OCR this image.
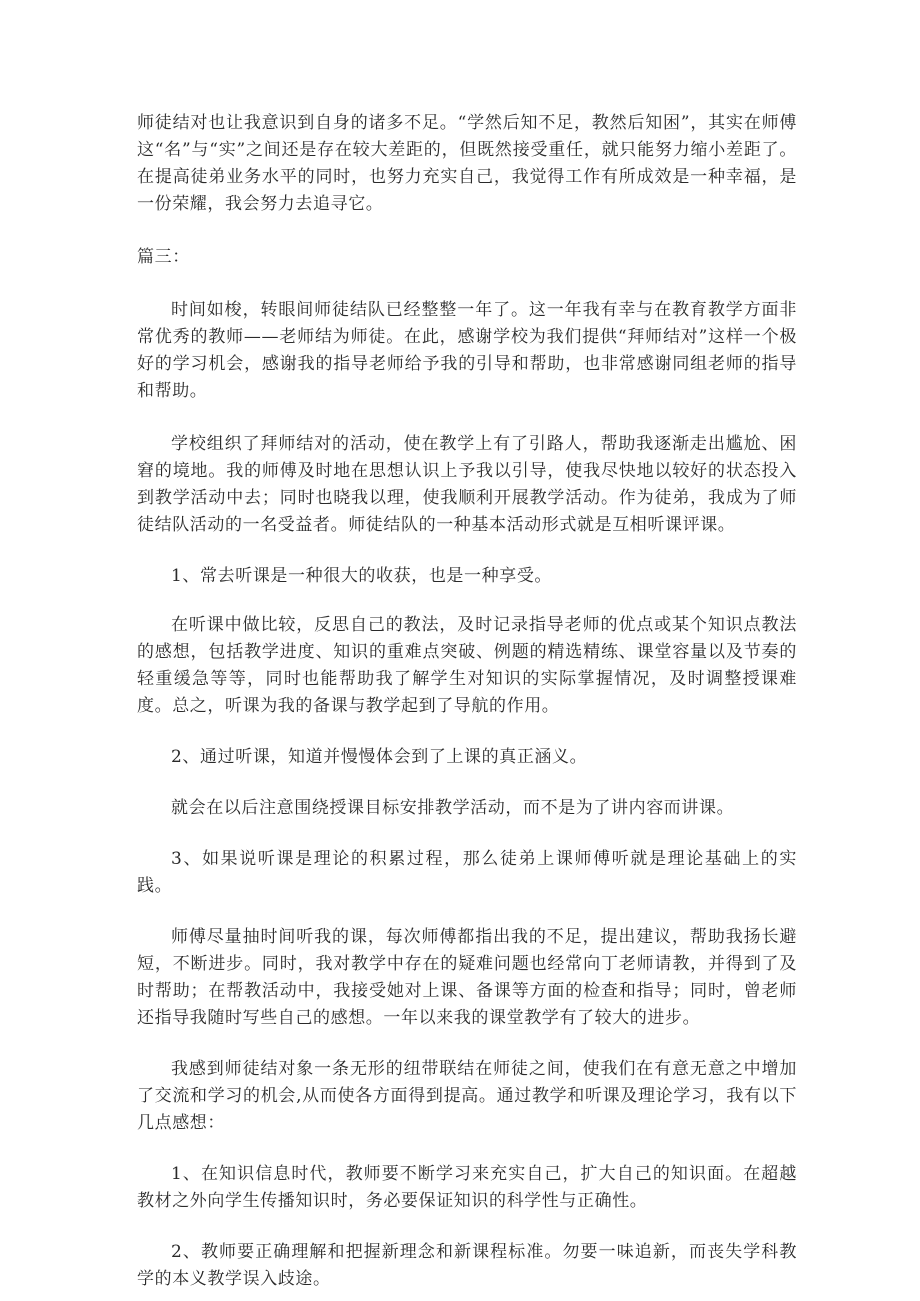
师徒结对也让我意识到自身的诸多不足。“学然后知不足，教然后知困”，其实在师傅这“名”与“实”之间还是存在较大差距的，但既然接受重任，就只能努力缩小差距了。在提高徒弟业务水平的同时，也努力充实自己，我觉得工作有所成效是一种幸福，是一份荣耀，我会努力去追寻它。

篇三：

时间如梭，转眼间师徒结队已经整整一年了。这一年我有幸与在教育教学方面非常优秀的教师——老师结为师徒。在此，感谢学校为我们提供“拜师结对”这样一个极好的学习机会，感谢我的指导老师给予我的引导和帮助，也非常感谢同组老师的指导和帮助。

学校组织了拜师结对的活动，使在教学上有了引路人，帮助我逐渐走出尴尬、困窘的境地。我的师傅及时地在思想认识上予我以引导，使我尽快地以较好的状态投入到教学活动中去；同时也晓我以理，使我顺利开展教学活动。作为徒弟，我成为了师徒结队活动的一名受益者。师徒结队的一种基本活动形式就是互相听课评课。

1、常去听课是一种很大的收获，也是一种享受。

在听课中做比较，反思自己的教法，及时记录指导老师的优点或某个知识点教法的感想，包括教学进度、知识的重难点突破、例题的精选精练、课堂容量以及节奏的轻重缓急等等，同时也能帮助我了解学生对知识的实际掌握情况，及时调整授课难度。总之，听课为我的备课与教学起到了导航的作用。

2、通过听课，知道并慢慢体会到了上课的真正涵义。

就会在以后注意围绕授课目标安排教学活动，而不是为了讲内容而讲课。

3、如果说听课是理论的积累过程，那么徒弟上课师傅听就是理论基础上的实践。

师傅尽量抽时间听我的课，每次师傅都指出我的不足，提出建议，帮助我扬长避短，不断进步。同时，我对教学中存在的疑难问题也经常向丁老师请教，并得到了及时帮助；在帮教活动中，我接受她对上课、备课等方面的检查和指导；同时，曾老师还指导我随时写些自己的感想。一年以来我的课堂教学有了较大的进步。

我感到师徒结对象一条无形的纽带联结在师徒之间，使我们在有意无意之中增加了交流和学习的机会,从而使各方面得到提高。通过教学和听课及理论学习，我有以下几点感想：

1、在知识信息时代，教师要不断学习来充实自己，扩大自己的知识面。在超越教材之外向学生传播知识时，务必要保证知识的科学性与正确性。

2、教师要正确理解和把握新理念和新课程标准。勿要一味追新，而丧失学科教学的本义教学误入歧途。
